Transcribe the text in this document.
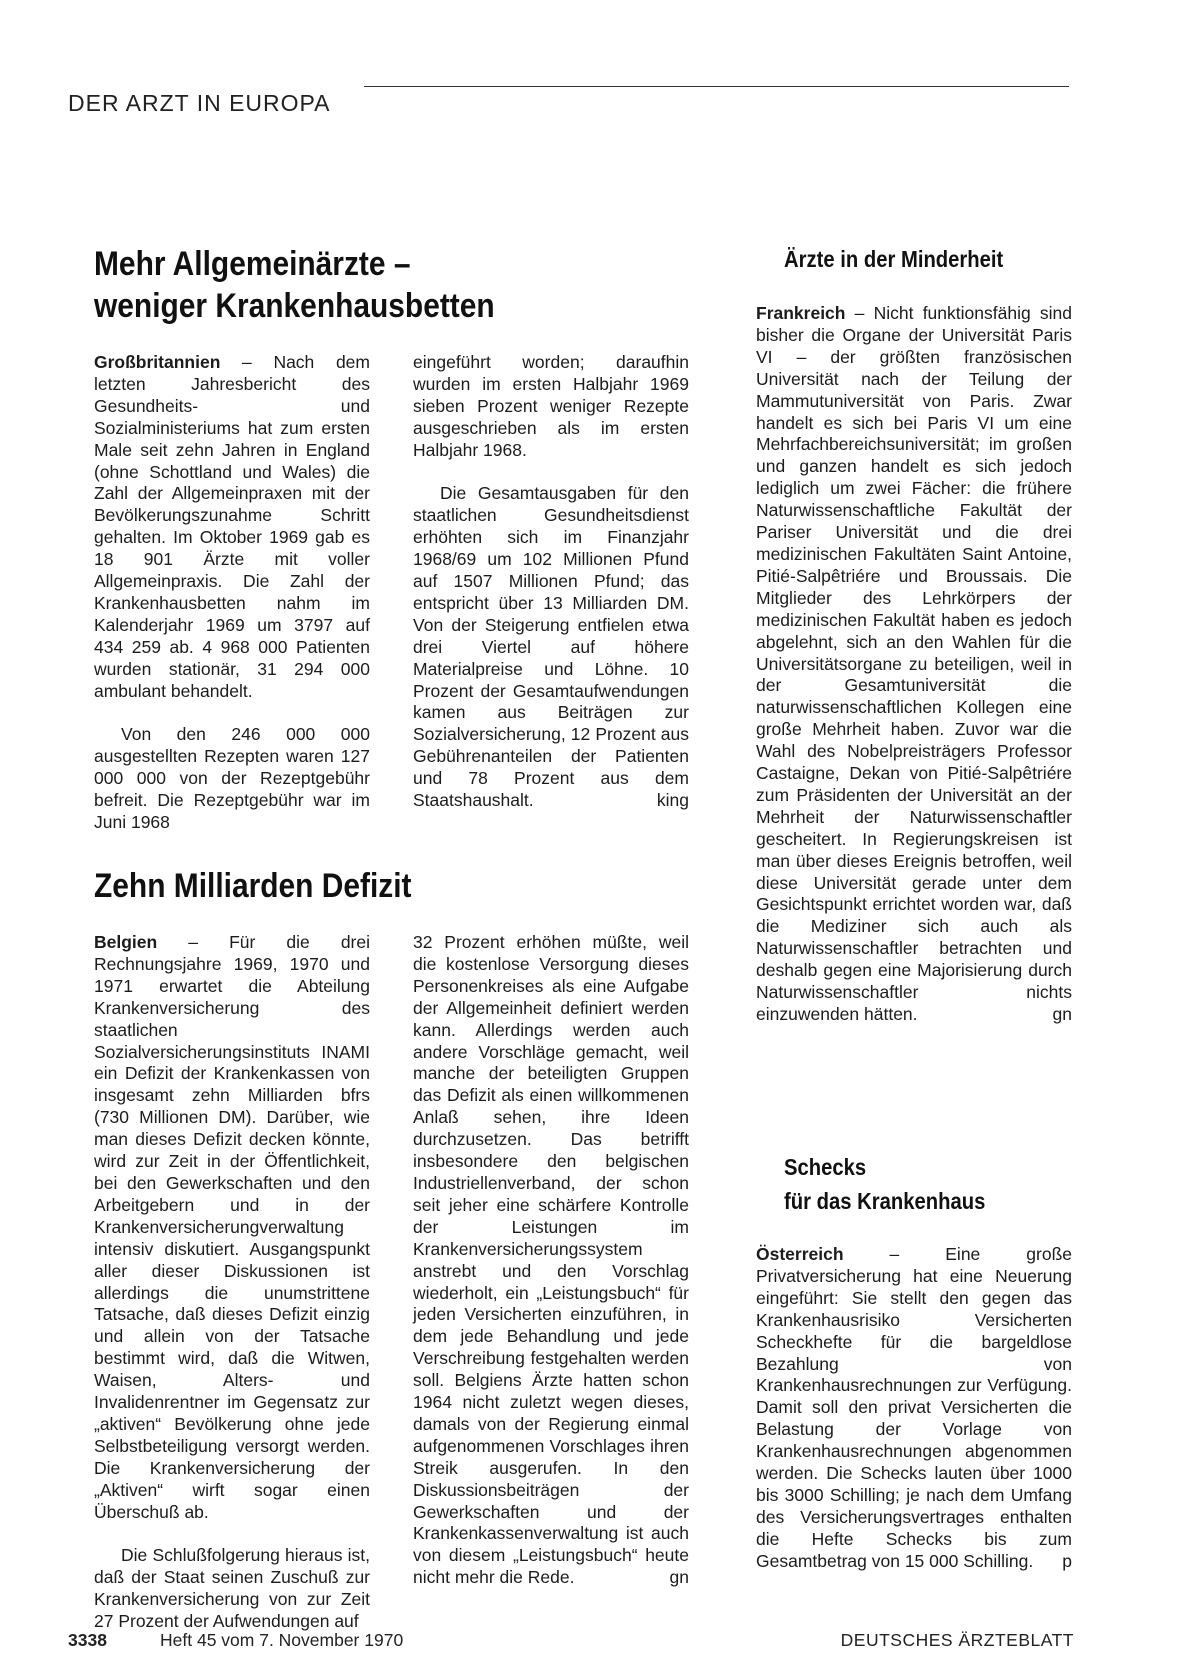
DER ARZT IN EUROPA
Mehr Allgemeinärzte –
weniger Krankenhausbetten

Großbritannien – Nach dem letzten Jahresbericht des Gesundheits- und Sozialministeriums hat zum ersten Male seit zehn Jahren in England (ohne Schottland und Wales) die Zahl der Allgemeinpraxen mit der Bevölkerungszunahme Schritt gehalten. Im Oktober 1969 gab es 18 901 Ärzte mit voller Allgemeinpraxis. Die Zahl der Krankenhausbetten nahm im Kalenderjahr 1969 um 3797 auf 434 259 ab. 4 968 000 Patienten wurden stationär, 31 294 000 ambulant behandelt.

Von den 246 000 000 ausgestellten Rezepten waren 127 000 000 von der Rezeptgebühr befreit. Die Rezeptgebühr war im Juni 1968

eingeführt worden; daraufhin wurden im ersten Halbjahr 1969 sieben Prozent weniger Rezepte ausgeschrieben als im ersten Halbjahr 1968.

Die Gesamtausgaben für den staatlichen Gesundheitsdienst erhöhten sich im Finanzjahr 1968/69 um 102 Millionen Pfund auf 1507 Millionen Pfund; das entspricht über 13 Milliarden DM. Von der Steigerung entfielen etwa drei Viertel auf höhere Materialpreise und Löhne. 10 Prozent der Gesamtaufwendungen kamen aus Beiträgen zur Sozialversicherung, 12 Prozent aus Gebührenanteilen der Patienten und 78 Prozent aus dem Staatshaushalt.	king

Zehn Milliarden Defizit

Belgien – Für die drei Rechnungsjahre 1969, 1970 und 1971 erwartet die Abteilung Krankenversicherung des staatlichen Sozialversicherungsinstituts INAMI ein Defizit der Krankenkassen von insgesamt zehn Milliarden bfrs (730 Millionen DM). Darüber, wie man dieses Defizit decken könnte, wird zur Zeit in der Öffentlichkeit, bei den Gewerkschaften und den Arbeitgebern und in der Krankenversicherungverwaltung intensiv diskutiert. Ausgangspunkt aller dieser Diskussionen ist allerdings die unumstrittene Tatsache, daß dieses Defizit einzig und allein von der Tatsache bestimmt wird, daß die Witwen, Waisen, Alters- und Invalidenrentner im Gegensatz zur „aktiven“ Bevölkerung ohne jede Selbstbeteiligung versorgt werden. Die Krankenversicherung der „Aktiven“ wirft sogar einen Überschuß ab.

Die Schlußfolgerung hieraus ist, daß der Staat seinen Zuschuß zur Krankenversicherung von zur Zeit 27 Prozent der Aufwendungen auf

32 Prozent erhöhen müßte, weil die kostenlose Versorgung dieses Personenkreises als eine Aufgabe der Allgemeinheit definiert werden kann. Allerdings werden auch andere Vorschläge gemacht, weil manche der beteiligten Gruppen das Defizit als einen willkommenen Anlaß sehen, ihre Ideen durchzusetzen. Das betrifft insbesondere den belgischen Industriellenverband, der schon seit jeher eine schärfere Kontrolle der Leistungen im Krankenversicherungssystem anstrebt und den Vorschlag wiederholt, ein „Leistungsbuch“ für jeden Versicherten einzuführen, in dem jede Behandlung und jede Verschreibung festgehalten werden soll. Belgiens Ärzte hatten schon 1964 nicht zuletzt wegen dieses, damals von der Regierung einmal aufgenommenen Vorschlages ihren Streik ausgerufen. In den Diskussionsbeiträgen der Gewerkschaften und der Krankenkassenverwaltung ist auch von diesem „Leistungsbuch“ heute nicht mehr die Rede.	gn

Ärzte in der Minderheit

Frankreich – Nicht funktionsfähig sind bisher die Organe der Universität Paris VI – der größten französischen Universität nach der Teilung der Mammutuniversität von Paris. Zwar handelt es sich bei Paris VI um eine Mehrfachbereichsuniversität; im großen und ganzen handelt es sich jedoch lediglich um zwei Fächer: die frühere Naturwissenschaftliche Fakultät der Pariser Universität und die drei medizinischen Fakultäten Saint Antoine, Pitié-Salpêtriére und Broussais. Die Mitglieder des Lehrkörpers der medizinischen Fakultät haben es jedoch abgelehnt, sich an den Wahlen für die Universitätsorgane zu beteiligen, weil in der Gesamtuniversität die naturwissenschaftlichen Kollegen eine große Mehrheit haben. Zuvor war die Wahl des Nobelpreisträgers Professor Castaigne, Dekan von Pitié-Salpêtriére zum Präsidenten der Universität an der Mehrheit der Naturwissenschaftler gescheitert. In Regierungskreisen ist man über dieses Ereignis betroffen, weil diese Universität gerade unter dem Gesichtspunkt errichtet worden war, daß die Mediziner sich auch als Naturwissenschaftler betrachten und deshalb gegen eine Majorisierung durch Naturwissenschaftler nichts einzuwenden hätten.	gn

Schecks
für das Krankenhaus

Österreich – Eine große Privatversicherung hat eine Neuerung eingeführt: Sie stellt den gegen das Krankenhausrisiko Versicherten Scheckhefte für die bargeldlose Bezahlung von Krankenhausrechnungen zur Verfügung. Damit soll den privat Versicherten die Belastung der Vorlage von Krankenhausrechnungen abgenommen werden. Die Schecks lauten über 1000 bis 3000 Schilling; je nach dem Umfang des Versicherungsvertrages enthalten die Hefte Schecks bis zum Gesamtbetrag von 15 000 Schilling. p

3338	Heft 45 vom 7. November 1970	DEUTSCHES ÄRZTEBLATT
